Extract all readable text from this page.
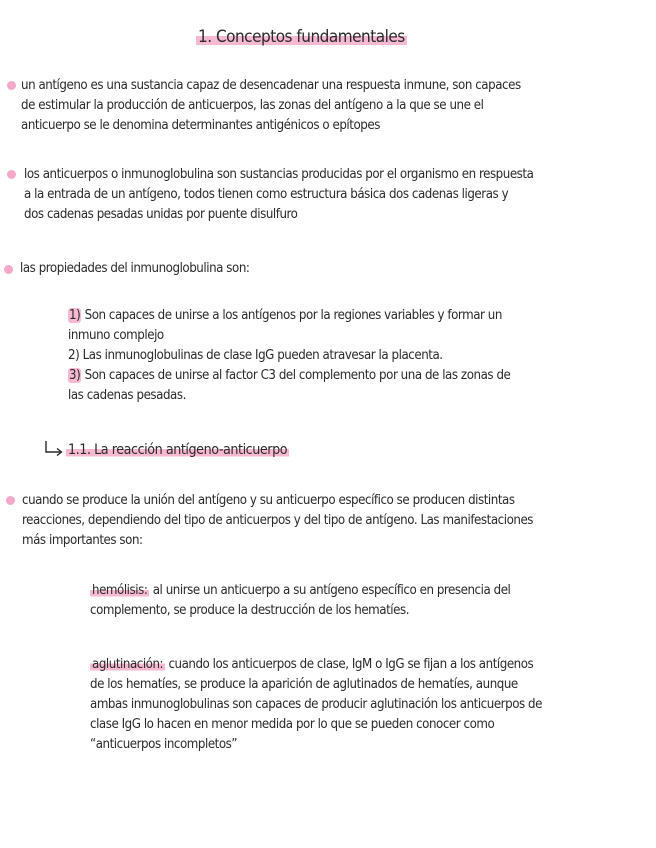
1. Conceptos fundamentales
un antígeno es una sustancia capaz de desencadenar una respuesta inmune, son capaces
de estimular la producción de anticuerpos, las zonas del antígeno a la que se une el
anticuerpo se le denomina determinantes antigénicos o epítopes
los anticuerpos o inmunoglobulina son sustancias producidas por el organismo en respuesta
a la entrada de un antígeno, todos tienen como estructura básica dos cadenas ligeras y
dos cadenas pesadas unidas por puente disulfuro
las propiedades del inmunoglobulina son:
1) Son capaces de unirse a los antígenos por la regiones variables y formar un
inmuno complejo
2) Las inmunoglobulinas de clase IgG pueden atravesar la placenta.
3) Son capaces de unirse al factor C3 del complemento por una de las zonas de
las cadenas pesadas.
1.1. La reacción antígeno-anticuerpo
cuando se produce la unión del antígeno y su anticuerpo específico se producen distintas
reacciones, dependiendo del tipo de anticuerpos y del tipo de antígeno. Las manifestaciones
más importantes son:
hemólisis: al unirse un anticuerpo a su antígeno específico en presencia del
complemento, se produce la destrucción de los hematíes.
aglutinación: cuando los anticuerpos de clase, IgM o IgG se fijan a los antígenos
de los hematíes, se produce la aparición de aglutinados de hematíes, aunque
ambas inmunoglobulinas son capaces de producir aglutinación los anticuerpos de
clase IgG lo hacen en menor medida por lo que se pueden conocer como
“anticuerpos incompletos”
